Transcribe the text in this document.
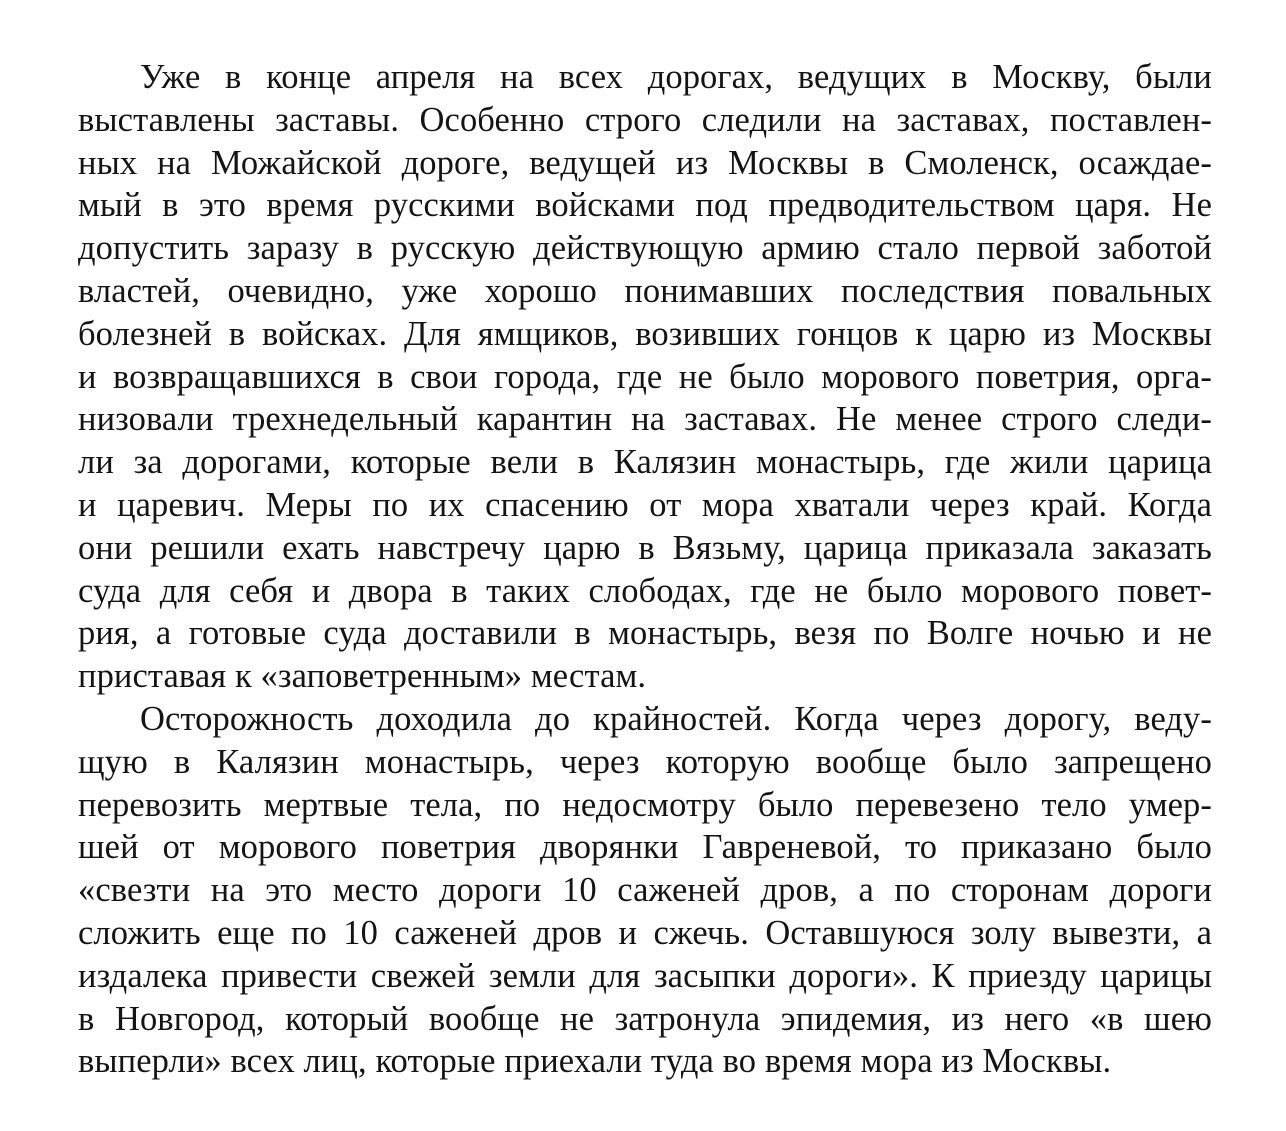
Уже в конце апреля на всех дорогах, ведущих в Москву, были
выставлены заставы. Особенно строго следили на заставах, поставлен-
ных на Можайской дороге, ведущей из Москвы в Смоленск, осаждае-
мый в это время русскими войсками под предводительством царя. Не
допустить заразу в русскую действующую армию стало первой заботой
властей, очевидно, уже хорошо понимавших последствия повальных
болезней в войсках. Для ямщиков, возивших гонцов к царю из Москвы
и возвращавшихся в свои города, где не было морового поветрия, орга-
низовали трехнедельный карантин на заставах. Не менее строго следи-
ли за дорогами, которые вели в Калязин монастырь, где жили царица
и царевич. Меры по их спасению от мора хватали через край. Когда
они решили ехать навстречу царю в Вязьму, царица приказала заказать
суда для себя и двора в таких слободах, где не было морового повет-
рия, а готовые суда доставили в монастырь, везя по Волге ночью и не
приставая к «заповетренным» местам.
Осторожность доходила до крайностей. Когда через дорогу, веду-
щую в Калязин монастырь, через которую вообще было запрещено
перевозить мертвые тела, по недосмотру было перевезено тело умер-
шей от морового поветрия дворянки Гавреневой, то приказано было
«свезти на это место дороги 10 саженей дров, а по сторонам дороги
сложить еще по 10 саженей дров и сжечь. Оставшуюся золу вывезти, а
издалека привести свежей земли для засыпки дороги». К приезду царицы
в Новгород, который вообще не затронула эпидемия, из него «в шею
выперли» всех лиц, которые приехали туда во время мора из Москвы.
